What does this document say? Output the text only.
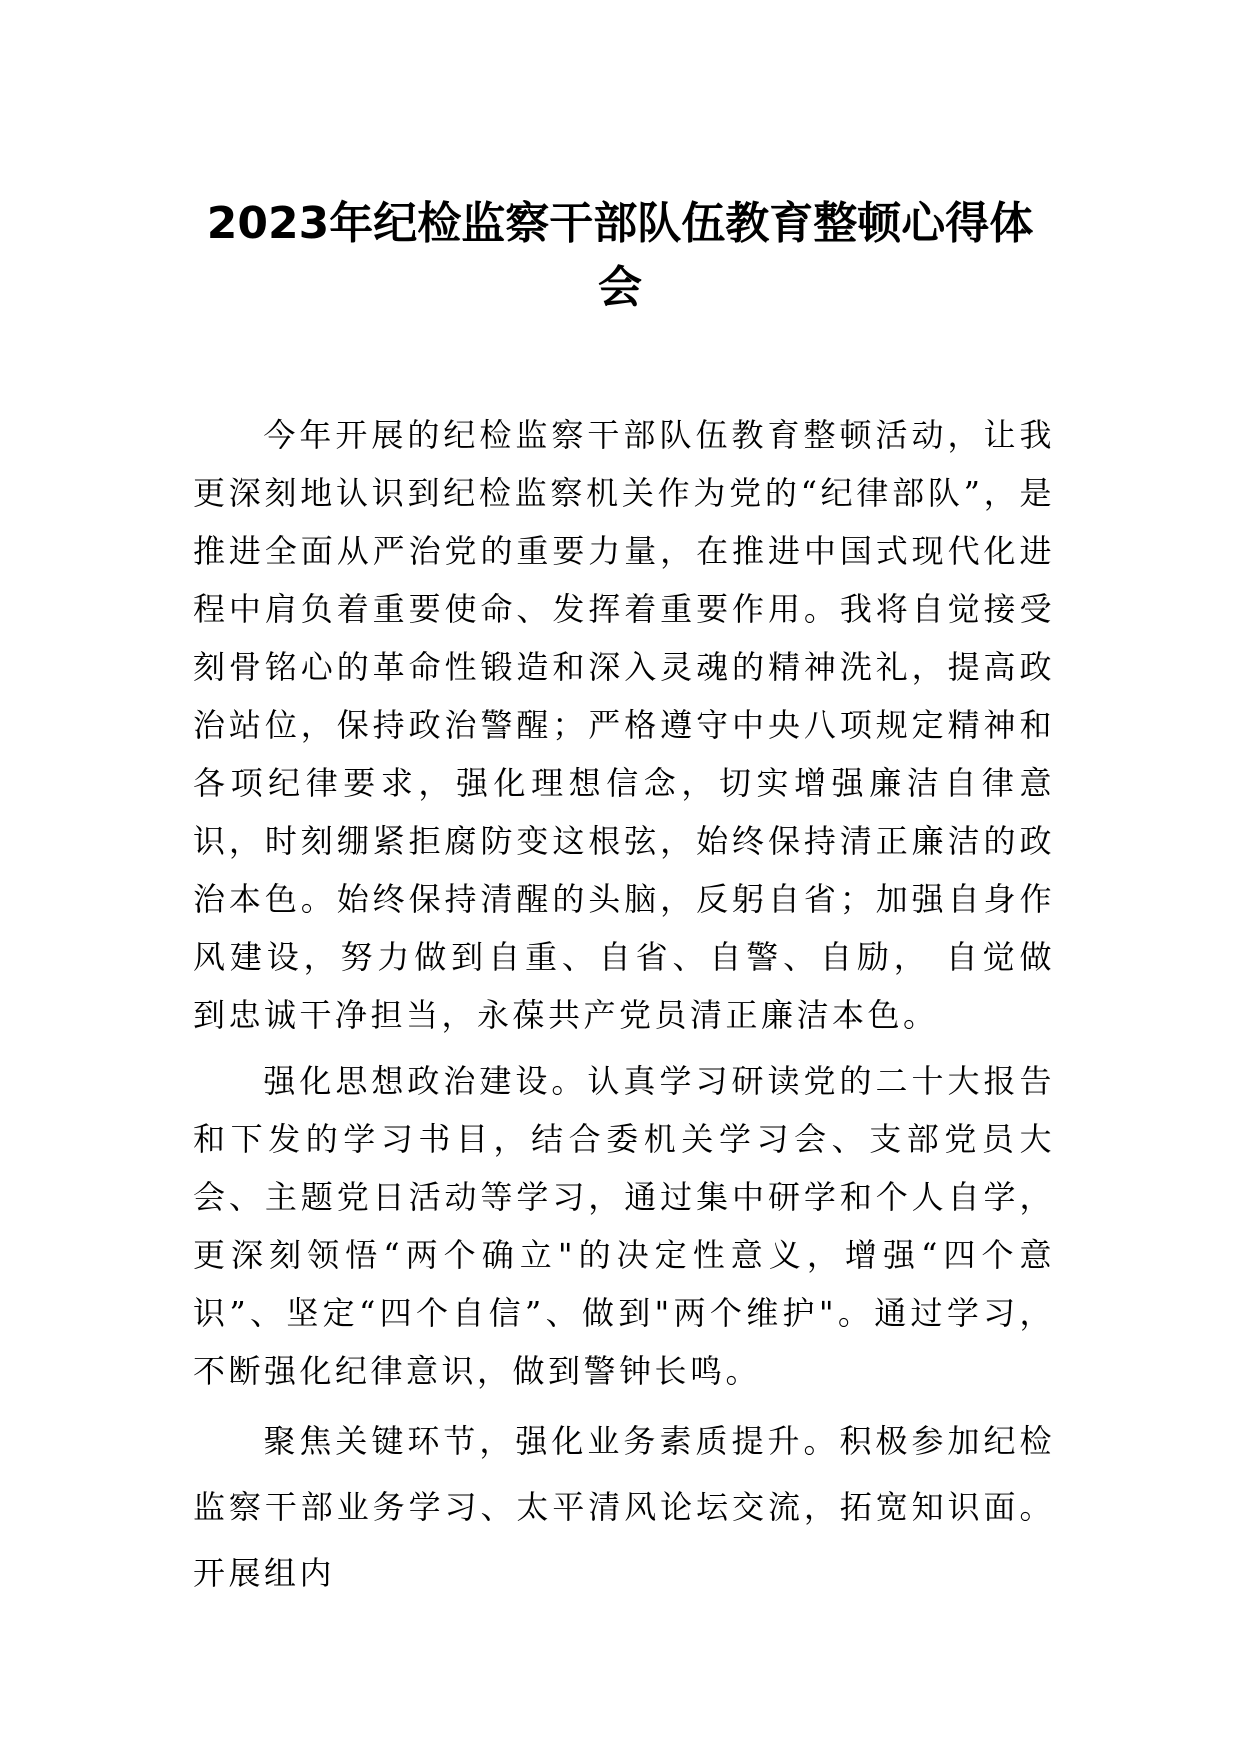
2023年纪检监察干部队伍教育整顿心得体会

今年开展的纪检监察干部队伍教育整顿活动，让我更深刻地认识到纪检监察机关作为党的“纪律部队”，是推进全面从严治党的重要力量，在推进中国式现代化进程中肩负着重要使命、发挥着重要作用。我将自觉接受刻骨铭心的革命性锻造和深入灵魂的精神洗礼，提高政治站位，保持政治警醒；严格遵守中央八项规定精神和各项纪律要求，强化理想信念，切实增强廉洁自律意识，时刻绷紧拒腐防变这根弦，始终保持清正廉洁的政治本色。始终保持清醒的头脑，反躬自省；加强自身作风建设，努力做到自重、自省、自警、自励， 自觉做到忠诚干净担当，永葆共产党员清正廉洁本色。

强化思想政治建设。认真学习研读党的二十大报告和下发的学习书目，结合委机关学习会、支部党员大会、主题党日活动等学习，通过集中研学和个人自学，更深刻领悟“两个确立"的决定性意义，增强“四个意识”、坚定“四个自信”、做到"两个维护"。通过学习，不断强化纪律意识，做到警钟长鸣。

聚焦关键环节，强化业务素质提升。积极参加纪检监察干部业务学习、太平清风论坛交流，拓宽知识面。开展组内
